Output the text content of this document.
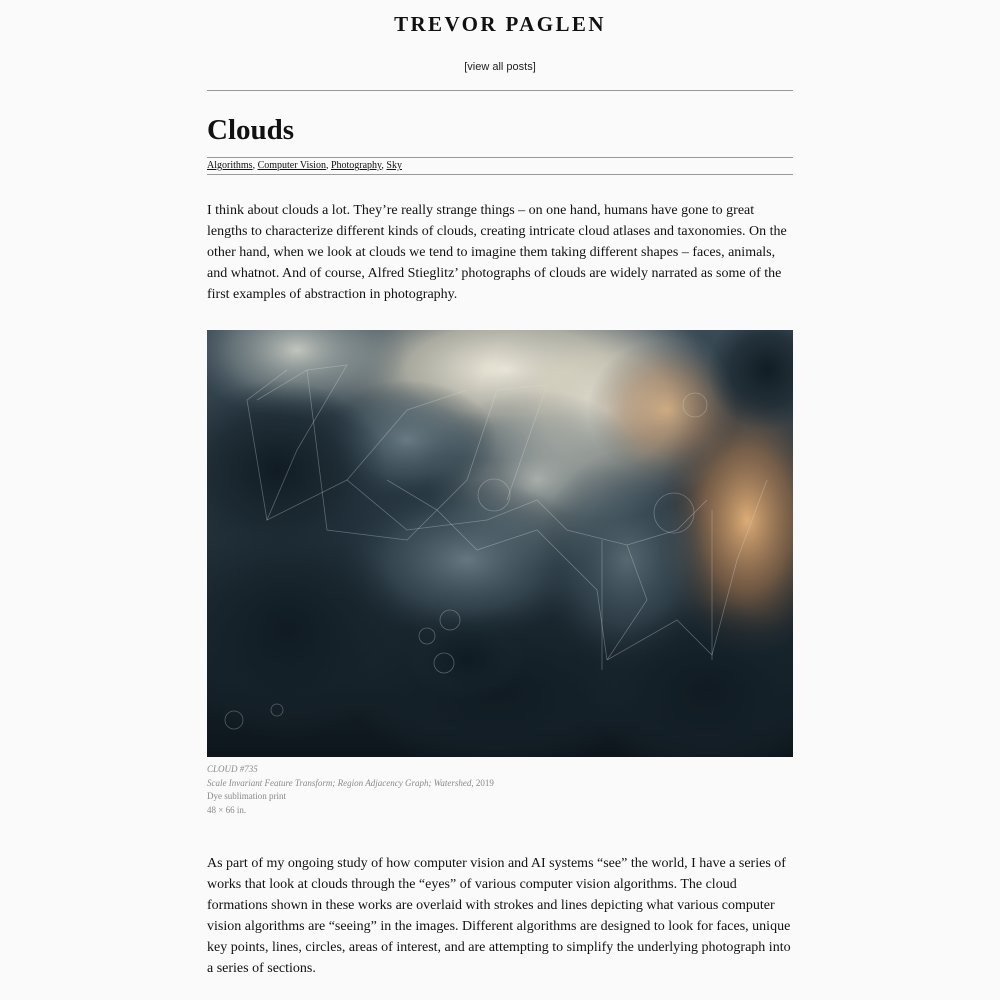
TREVOR PAGLEN
[view all posts]
Clouds
Algorithms, Computer Vision, Photography, Sky

I think about clouds a lot. They’re really strange things – on one hand, humans have gone to great lengths to characterize different kinds of clouds, creating intricate cloud atlases and taxonomies. On the other hand, when we look at clouds we tend to imagine them taking different shapes – faces, animals, and whatnot. And of course, Alfred Stieglitz’ photographs of clouds are widely narrated as some of the first examples of abstraction in photography.

CLOUD #735
Scale Invariant Feature Transform; Region Adjacency Graph; Watershed, 2019
Dye sublimation print
48 × 66 in.

As part of my ongoing study of how computer vision and AI systems “see” the world, I have a series of works that look at clouds through the “eyes” of various computer vision algorithms. The cloud formations shown in these works are overlaid with strokes and lines depicting what various computer vision algorithms are “seeing” in the images. Different algorithms are designed to look for faces, unique key points, lines, circles, areas of interest, and are attempting to simplify the underlying photograph into a series of sections.
